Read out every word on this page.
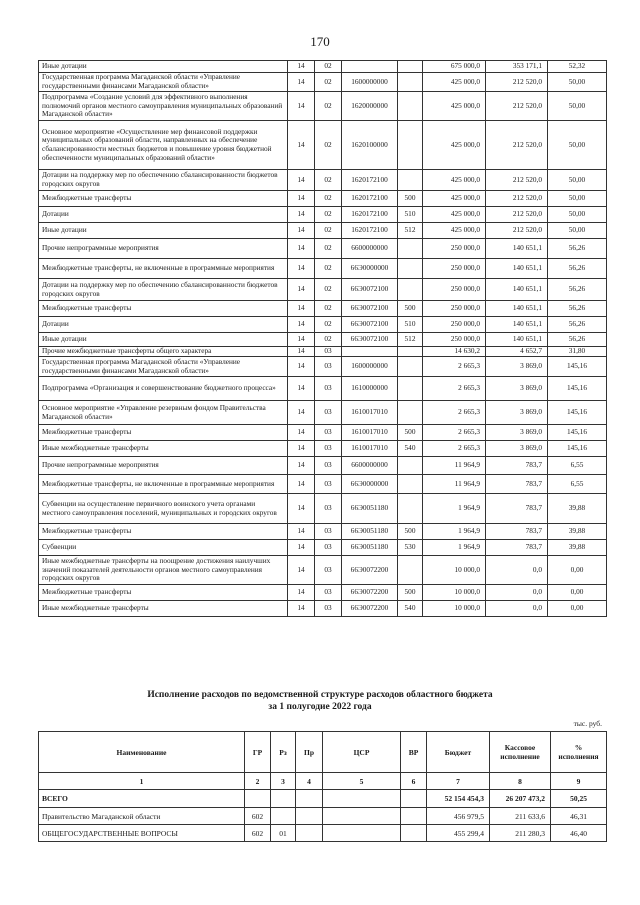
170
Иные дотации	14	02			675 000,0	353 171,1	52,32
Государственная программа Магаданской области «Управление государственными финансами Магаданской области»	14	02	1600000000		425 000,0	212 520,0	50,00
Подпрограмма «Создание условий для эффективного выполнения полномочий органов местного самоуправления муниципальных образований Магаданской области»	14	02	1620000000		425 000,0	212 520,0	50,00
Основное мероприятие «Осуществление мер финансовой поддержки муниципальных образований области, направленных на обеспечение сбалансированности местных бюджетов и повышение уровня бюджетной обеспеченности муниципальных образований области»	14	02	1620100000		425 000,0	212 520,0	50,00
Дотации на поддержку мер по обеспечению сбалансированности бюджетов городских округов	14	02	1620172100		425 000,0	212 520,0	50,00
Межбюджетные трансферты	14	02	1620172100	500	425 000,0	212 520,0	50,00
Дотации	14	02	1620172100	510	425 000,0	212 520,0	50,00
Иные дотации	14	02	1620172100	512	425 000,0	212 520,0	50,00
Прочие непрограммные мероприятия	14	02	6600000000		250 000,0	140 651,1	56,26
Межбюджетные трансферты, не включенные в программные мероприятия	14	02	66Э0000000		250 000,0	140 651,1	56,26
Дотации на поддержку мер по обеспечению сбалансированности бюджетов городских округов	14	02	66Э0072100		250 000,0	140 651,1	56,26
Межбюджетные трансферты	14	02	66Э0072100	500	250 000,0	140 651,1	56,26
Дотации	14	02	66Э0072100	510	250 000,0	140 651,1	56,26
Иные дотации	14	02	66Э0072100	512	250 000,0	140 651,1	56,26
Прочие межбюджетные трансферты общего характера	14	03			14 630,2	4 652,7	31,80
Государственная программа Магаданской области «Управление государственными финансами Магаданской области»	14	03	1600000000		2 665,3	3 869,0	145,16
Подпрограмма «Организация и совершенствование бюджетного процесса»	14	03	1610000000		2 665,3	3 869,0	145,16
Основное мероприятие «Управление резервным фондом Правительства Магаданской области»	14	03	1610017010		2 665,3	3 869,0	145,16
Межбюджетные трансферты	14	03	1610017010	500	2 665,3	3 869,0	145,16
Иные межбюджетные трансферты	14	03	1610017010	540	2 665,3	3 869,0	145,16
Прочие непрограммные мероприятия	14	03	6600000000		11 964,9	783,7	6,55
Межбюджетные трансферты, не включенные в программные мероприятия	14	03	66Э0000000		11 964,9	783,7	6,55
Субвенции на осуществление первичного воинского учета органами местного самоуправления поселений, муниципальных и городских округов	14	03	66Э0051180		1 964,9	783,7	39,88
Межбюджетные трансферты	14	03	66Э0051180	500	1 964,9	783,7	39,88
Субвенции	14	03	66Э0051180	530	1 964,9	783,7	39,88
Иные межбюджетные трансферты на поощрение достижения наилучших значений показателей деятельности органов местного самоуправления городских округов	14	03	66Э0072200		10 000,0	0,0	0,00
Межбюджетные трансферты	14	03	66Э0072200	500	10 000,0	0,0	0,00
Иные межбюджетные трансферты	14	03	66Э0072200	540	10 000,0	0,0	0,00
Исполнение расходов по ведомственной структуре расходов областного бюджета
за 1 полугодие 2022 года
тыс. руб.
Наименование	ГР	Рз	Пр	ЦСР	ВР	Бюджет	Кассовое исполнение	% исполнения
1	2	3	4	5	6	7	8	9
ВСЕГО						52 154 454,3	26 207 473,2	50,25
Правительство Магаданской области	602					456 979,5	211 633,6	46,31
ОБЩЕГОСУДАРСТВЕННЫЕ ВОПРОСЫ	602	01				455 299,4	211 280,3	46,40
